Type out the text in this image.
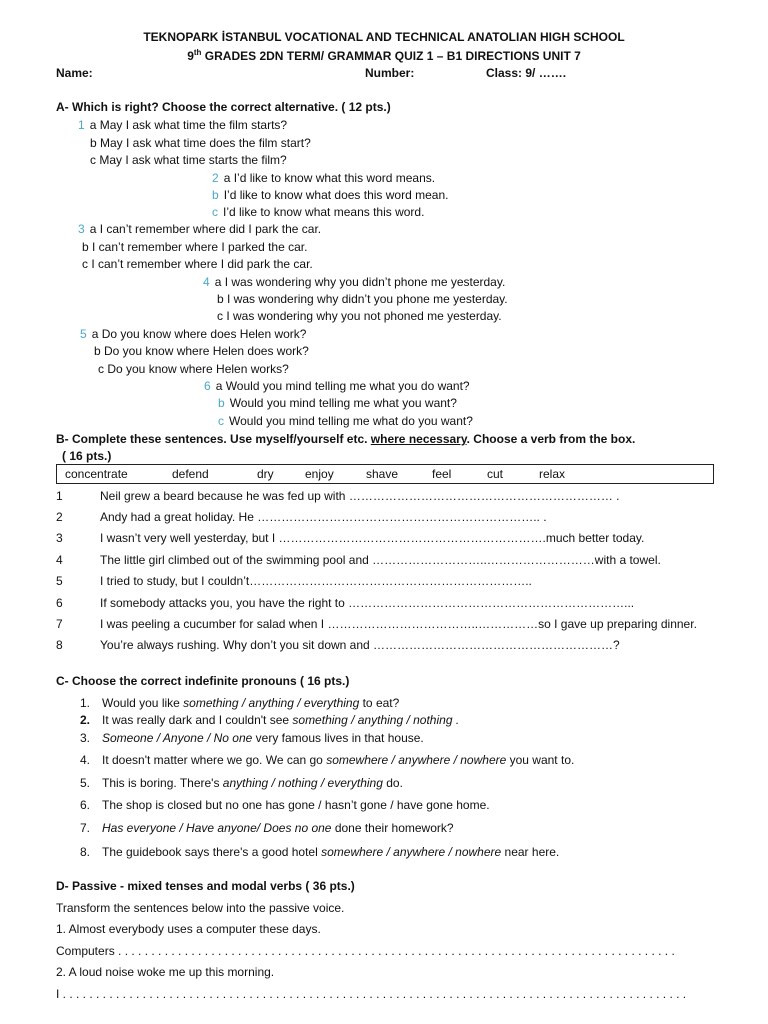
TEKNOPARK İSTANBUL VOCATIONAL AND TECHNICAL ANATOLIAN HIGH SCHOOL
9th GRADES 2DN TERM/ GRAMMAR QUIZ 1 – B1 DIRECTIONS UNIT 7
Name:	Number:	Class: 9/ …….
A- Which is right? Choose the correct alternative. ( 12 pts.)
1 a May I ask what time the film starts?
b May I ask what time does the film start?
c May I ask what time starts the film?
2 a I’d like to know what this word means.
b I’d like to know what does this word mean.
c I’d like to know what means this word.
3 a I can’t remember where did I park the car.
b I can’t remember where I parked the car.
c I can’t remember where I did park the car.
4 a I was wondering why you didn’t phone me yesterday.
b I was wondering why didn’t you phone me yesterday.
c I was wondering why you not phoned me yesterday.
5 a Do you know where does Helen work?
b Do you know where Helen does work?
c Do you know where Helen works?
6 a Would you mind telling me what you do want?
b Would you mind telling me what you want?
c Would you mind telling me what do you want?
B- Complete these sentences. Use myself/yourself etc. where necessary. Choose a verb from the box.
( 16 pts.)
concentrate	defend	dry	enjoy	shave	feel	cut	relax
1	Neil grew a beard because he was fed up with ………………………………………………………… .
2	Andy had a great holiday. He …………………………………………………………….. .
3	I wasn’t very well yesterday, but I ………………………………………………………….much better today.
4	The little girl climbed out of the swimming pool and ………………………..………………………with a towel.
5	I tried to study, but I couldn’t……………………………………………………………..
6	If somebody attacks you, you have the right to ……………………………………………………………...
7	I was peeling a cucumber for salad when I ………………………………..……………so I gave up preparing dinner.
8	You’re always rushing. Why don’t you sit down and ……………………………………………………?
C- Choose the correct indefinite pronouns ( 16 pts.)
1. Would you like something / anything / everything to eat?
2. It was really dark and I couldn't see something / anything / nothing .
3. Someone / Anyone / No one very famous lives in that house.
4. It doesn't matter where we go. We can go somewhere / anywhere / nowhere you want to.
5. This is boring. There's anything / nothing / everything do.
6. The shop is closed but no one has gone / hasn’t gone / have gone home.
7. Has everyone / Have anyone/ Does no one done their homework?
8. The guidebook says there's a good hotel somewhere / anywhere / nowhere near here.
D- Passive - mixed tenses and modal verbs ( 36 pts.)
Transform the sentences below into the passive voice.
1. Almost everybody uses a computer these days.
Computers . . . . . . . . . . . . . . . . . . . . . . . . . . . . . . . . . . . . . . . . . . . . . . . . . . . . . . . . . . . . . . . . . . . . . . . . . . . . . . . . . . . .
2. A loud noise woke me up this morning.
I . . . . . . . . . . . . . . . . . . . . . . . . . . . . . . . . . . . . . . . . . . . . . . . . . . . . . . . . . . . . . . . . . . . . . . . . . . . . . . . . . . . . . . . . . . . . . .
